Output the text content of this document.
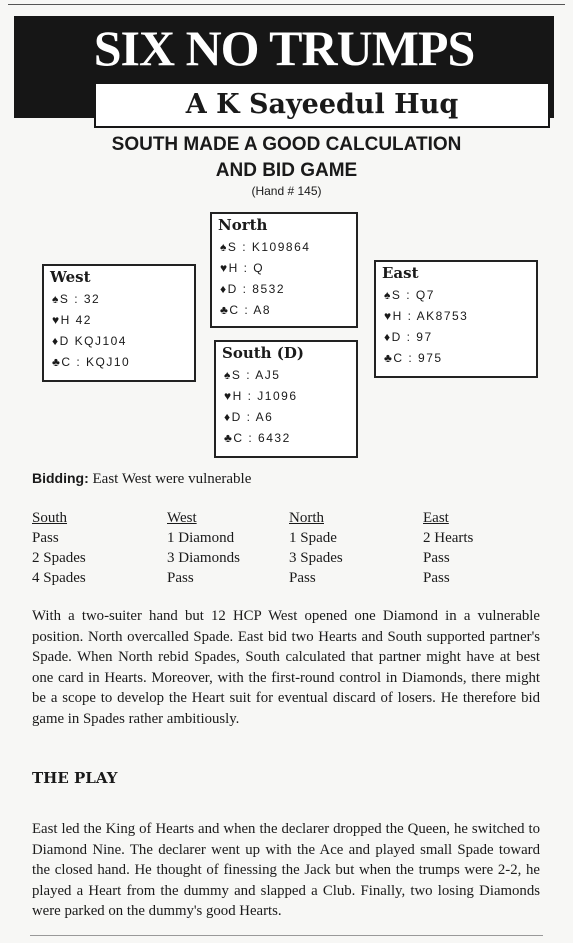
SIX NO TRUMPS
A K Sayeedul Huq
SOUTH MADE A GOOD CALCULATION
AND BID GAME
(Hand # 145)
North
♠S : K109864
♥H : Q
♦D : 8532
♣C : A8
West
♠S : 32
♥H 42
♦D KQJ104
♣C : KQJ10
East
♠S : Q7
♥H : AK8753
♦D : 97
♣C : 975
South (D)
♠S : AJ5
♥H : J1096
♦D : A6
♣C : 6432
Bidding: East West were vulnerable
South
Pass
2 Spades
4 Spades
West
1 Diamond
3 Diamonds
Pass
North
1 Spade
3 Spades
Pass
East
2 Hearts
Pass
Pass
With a two-suiter hand but 12 HCP West opened one Diamond in a vulnerable position. North overcalled Spade. East bid two Hearts and South supported partner's Spade. When North rebid Spades, South calculated that partner might have at best one card in Hearts. Moreover, with the first-round control in Diamonds, there might be a scope to develop the Heart suit for eventual discard of losers. He therefore bid game in Spades rather ambitiously.
THE PLAY
East led the King of Hearts and when the declarer dropped the Queen, he switched to Diamond Nine. The declarer went up with the Ace and played small Spade toward the closed hand. He thought of finessing the Jack but when the trumps were 2-2, he played a Heart from the dummy and slapped a Club. Finally, two losing Diamonds were parked on the dummy's good Hearts.
